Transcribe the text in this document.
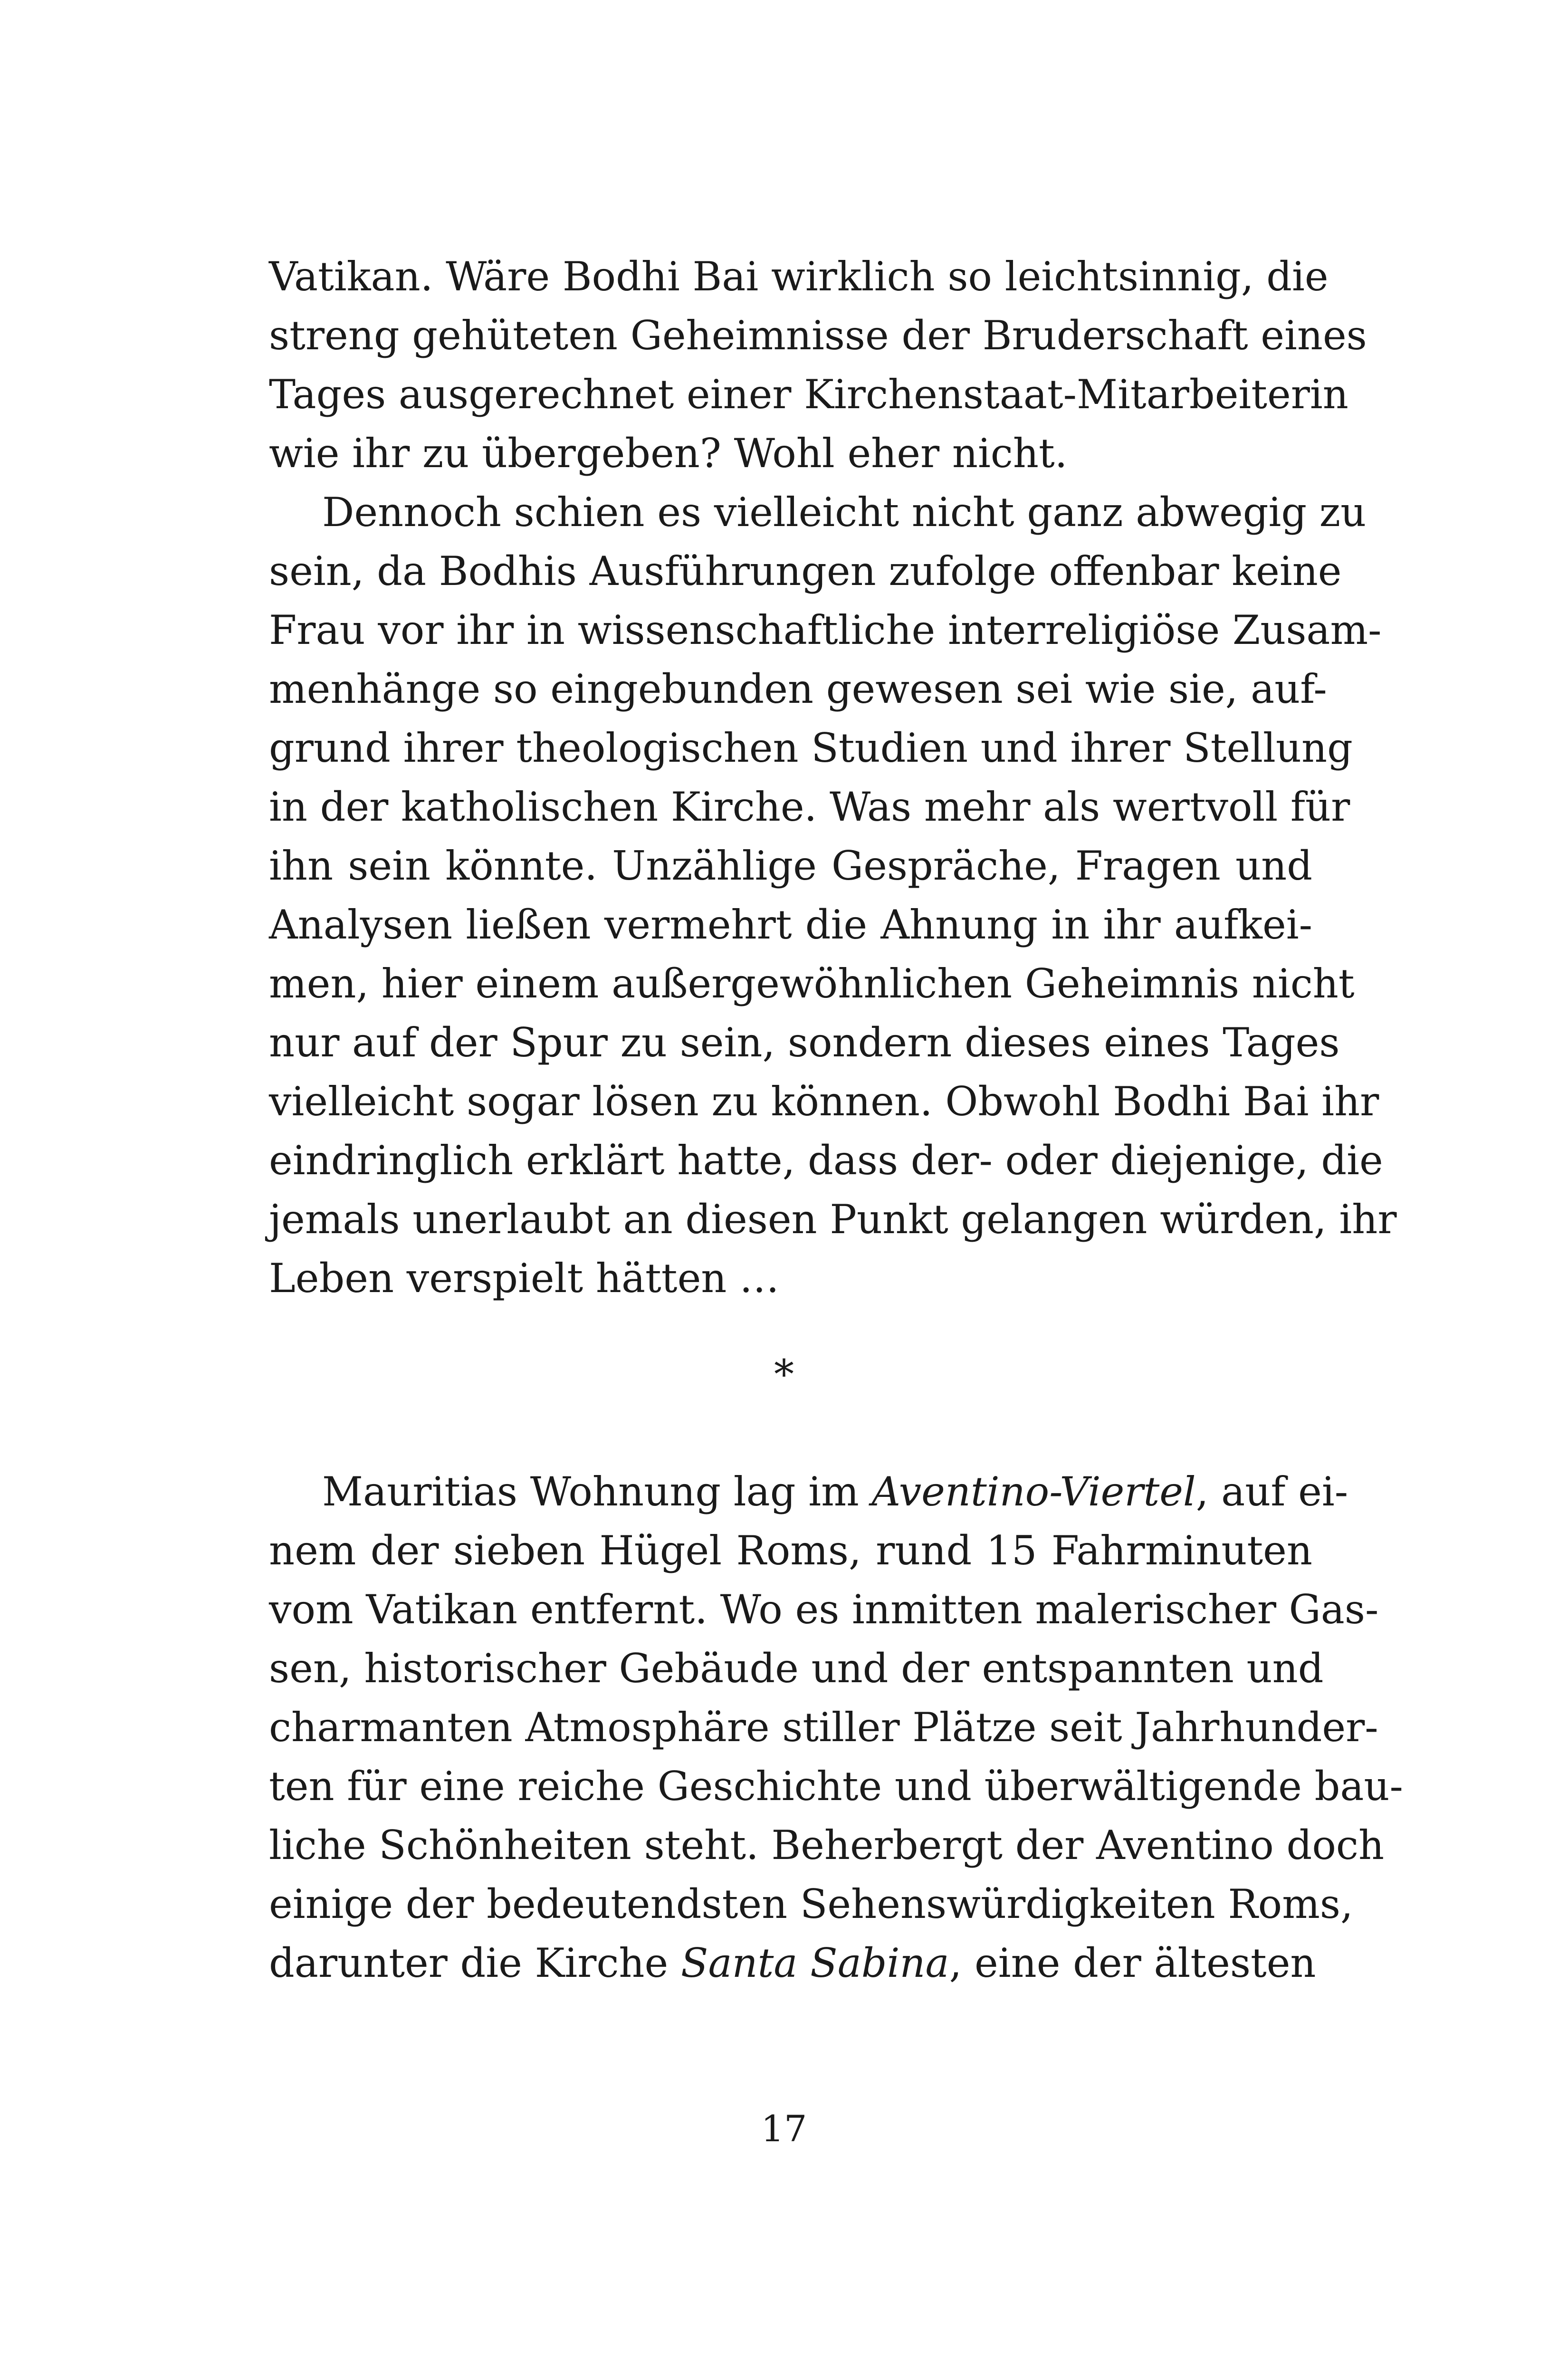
Vatikan. Wäre Bodhi Bai wirklich so leichtsinnig, die
streng gehüteten Geheimnisse der Bruderschaft eines
Tages ausgerechnet einer Kirchenstaat-Mitarbeiterin
wie ihr zu übergeben? Wohl eher nicht.
Dennoch schien es vielleicht nicht ganz abwegig zu
sein, da Bodhis Ausführungen zufolge offenbar keine
Frau vor ihr in wissenschaftliche interreligiöse Zusam-
menhänge so eingebunden gewesen sei wie sie, auf-
grund ihrer theologischen Studien und ihrer Stellung
in der katholischen Kirche. Was mehr als wertvoll für
ihn sein könnte. Unzählige Gespräche, Fragen und
Analysen ließen vermehrt die Ahnung in ihr aufkei-
men, hier einem außergewöhnlichen Geheimnis nicht
nur auf der Spur zu sein, sondern dieses eines Tages
vielleicht sogar lösen zu können. Obwohl Bodhi Bai ihr
eindringlich erklärt hatte, dass der- oder diejenige, die
jemals unerlaubt an diesen Punkt gelangen würden, ihr
Leben verspielt hätten …
*
Mauritias Wohnung lag im Aventino-Viertel, auf ei-
nem der sieben Hügel Roms, rund 15 Fahrminuten
vom Vatikan entfernt. Wo es inmitten malerischer Gas-
sen, historischer Gebäude und der entspannten und
charmanten Atmosphäre stiller Plätze seit Jahrhunder-
ten für eine reiche Geschichte und überwältigende bau-
liche Schönheiten steht. Beherbergt der Aventino doch
einige der bedeutendsten Sehenswürdigkeiten Roms,
darunter die Kirche Santa Sabina, eine der ältesten
17
